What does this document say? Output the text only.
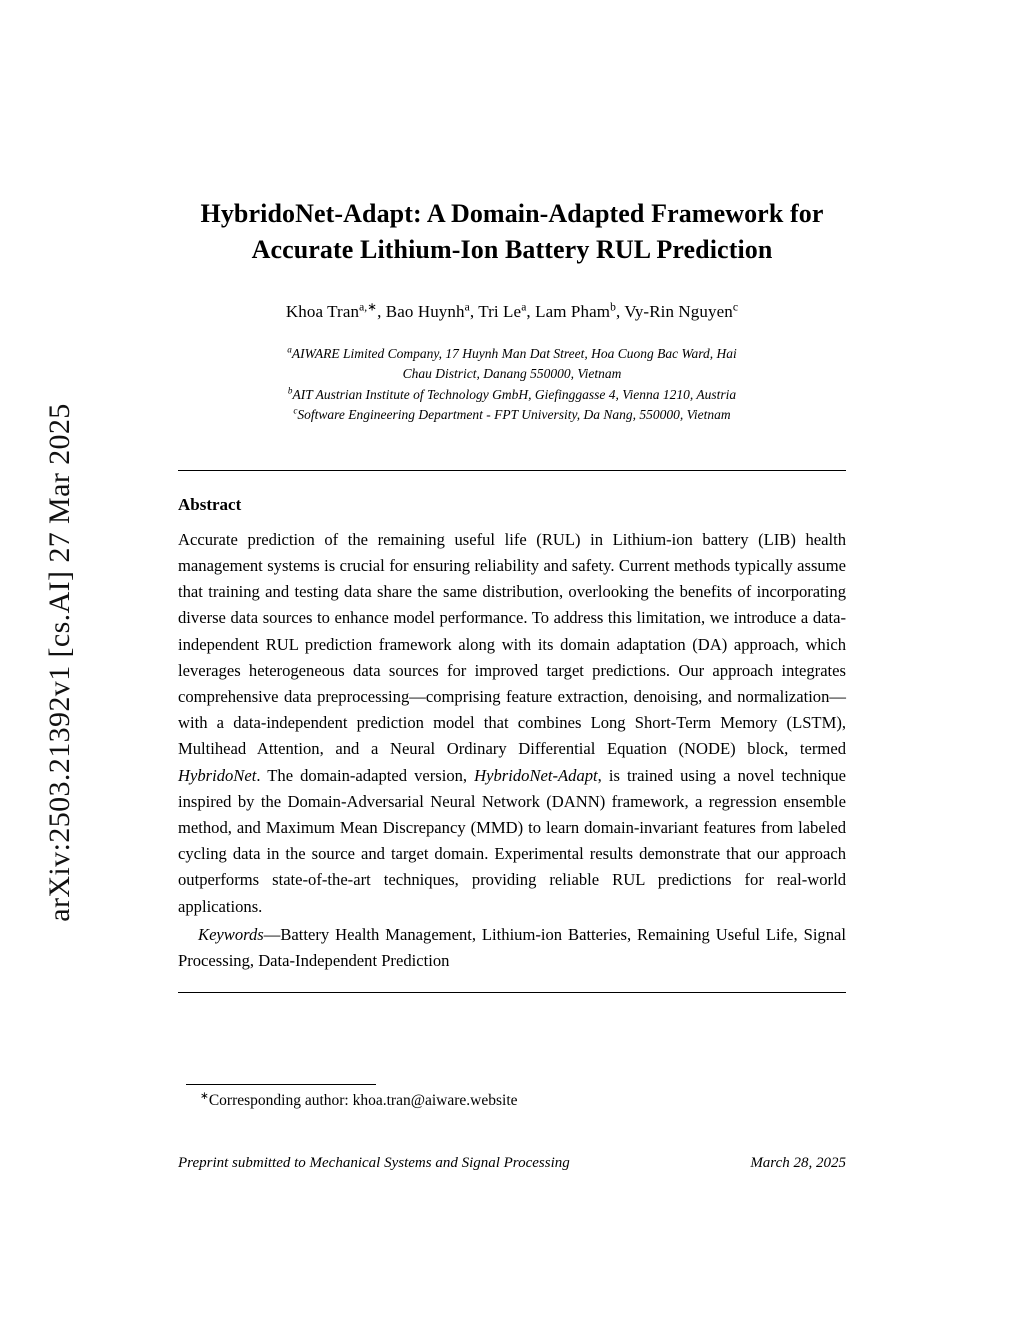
arXiv:2503.21392v1 [cs.AI] 27 Mar 2025
HybridoNet-Adapt: A Domain-Adapted Framework for
Accurate Lithium-Ion Battery RUL Prediction
Khoa Tran$^{a,∗}$, Bao Huynh$^a$, Tri Le$^a$, Lam Pham$^b$, Vy-Rin Nguyen$^c$
$^a$AIWARE Limited Company, 17 Huynh Man Dat Street, Hoa Cuong Bac Ward, Hai
Chau District, Danang 550000, Vietnam
$^b$AIT Austrian Institute of Technology GmbH, Giefinggasse 4, Vienna 1210, Austria
$^c$Software Engineering Department - FPT University, Da Nang, 550000, Vietnam
Abstract

Accurate prediction of the remaining useful life (RUL) in Lithium-ion battery (LIB) health management systems is crucial for ensuring reliability and safety. Current methods typically assume that training and testing data share the same distribution, overlooking the benefits of incorporating diverse data sources to enhance model performance. To address this limitation, we introduce a data-independent RUL prediction framework along with its domain adaptation (DA) approach, which leverages heterogeneous data sources for improved target predictions. Our approach integrates comprehensive data preprocessing—comprising feature extraction, denoising, and normalization—with a data-independent prediction model that combines Long Short-Term Memory (LSTM), Multihead Attention, and a Neural Ordinary Differential Equation (NODE) block, termed HybridoNet. The domain-adapted version, HybridoNet-Adapt, is trained using a novel technique inspired by the Domain-Adversarial Neural Network (DANN) framework, a regression ensemble method, and Maximum Mean Discrepancy (MMD) to learn domain-invariant features from labeled cycling data in the source and target domain. Experimental results demonstrate that our approach outperforms state-of-the-art techniques, providing reliable RUL predictions for real-world applications.

Keywords—Battery Health Management, Lithium-ion Batteries, Remaining Useful Life, Signal Processing, Data-Independent Prediction

∗Corresponding author: khoa.tran@aiware.website
Preprint submitted to Mechanical Systems and Signal Processing	March 28, 2025
